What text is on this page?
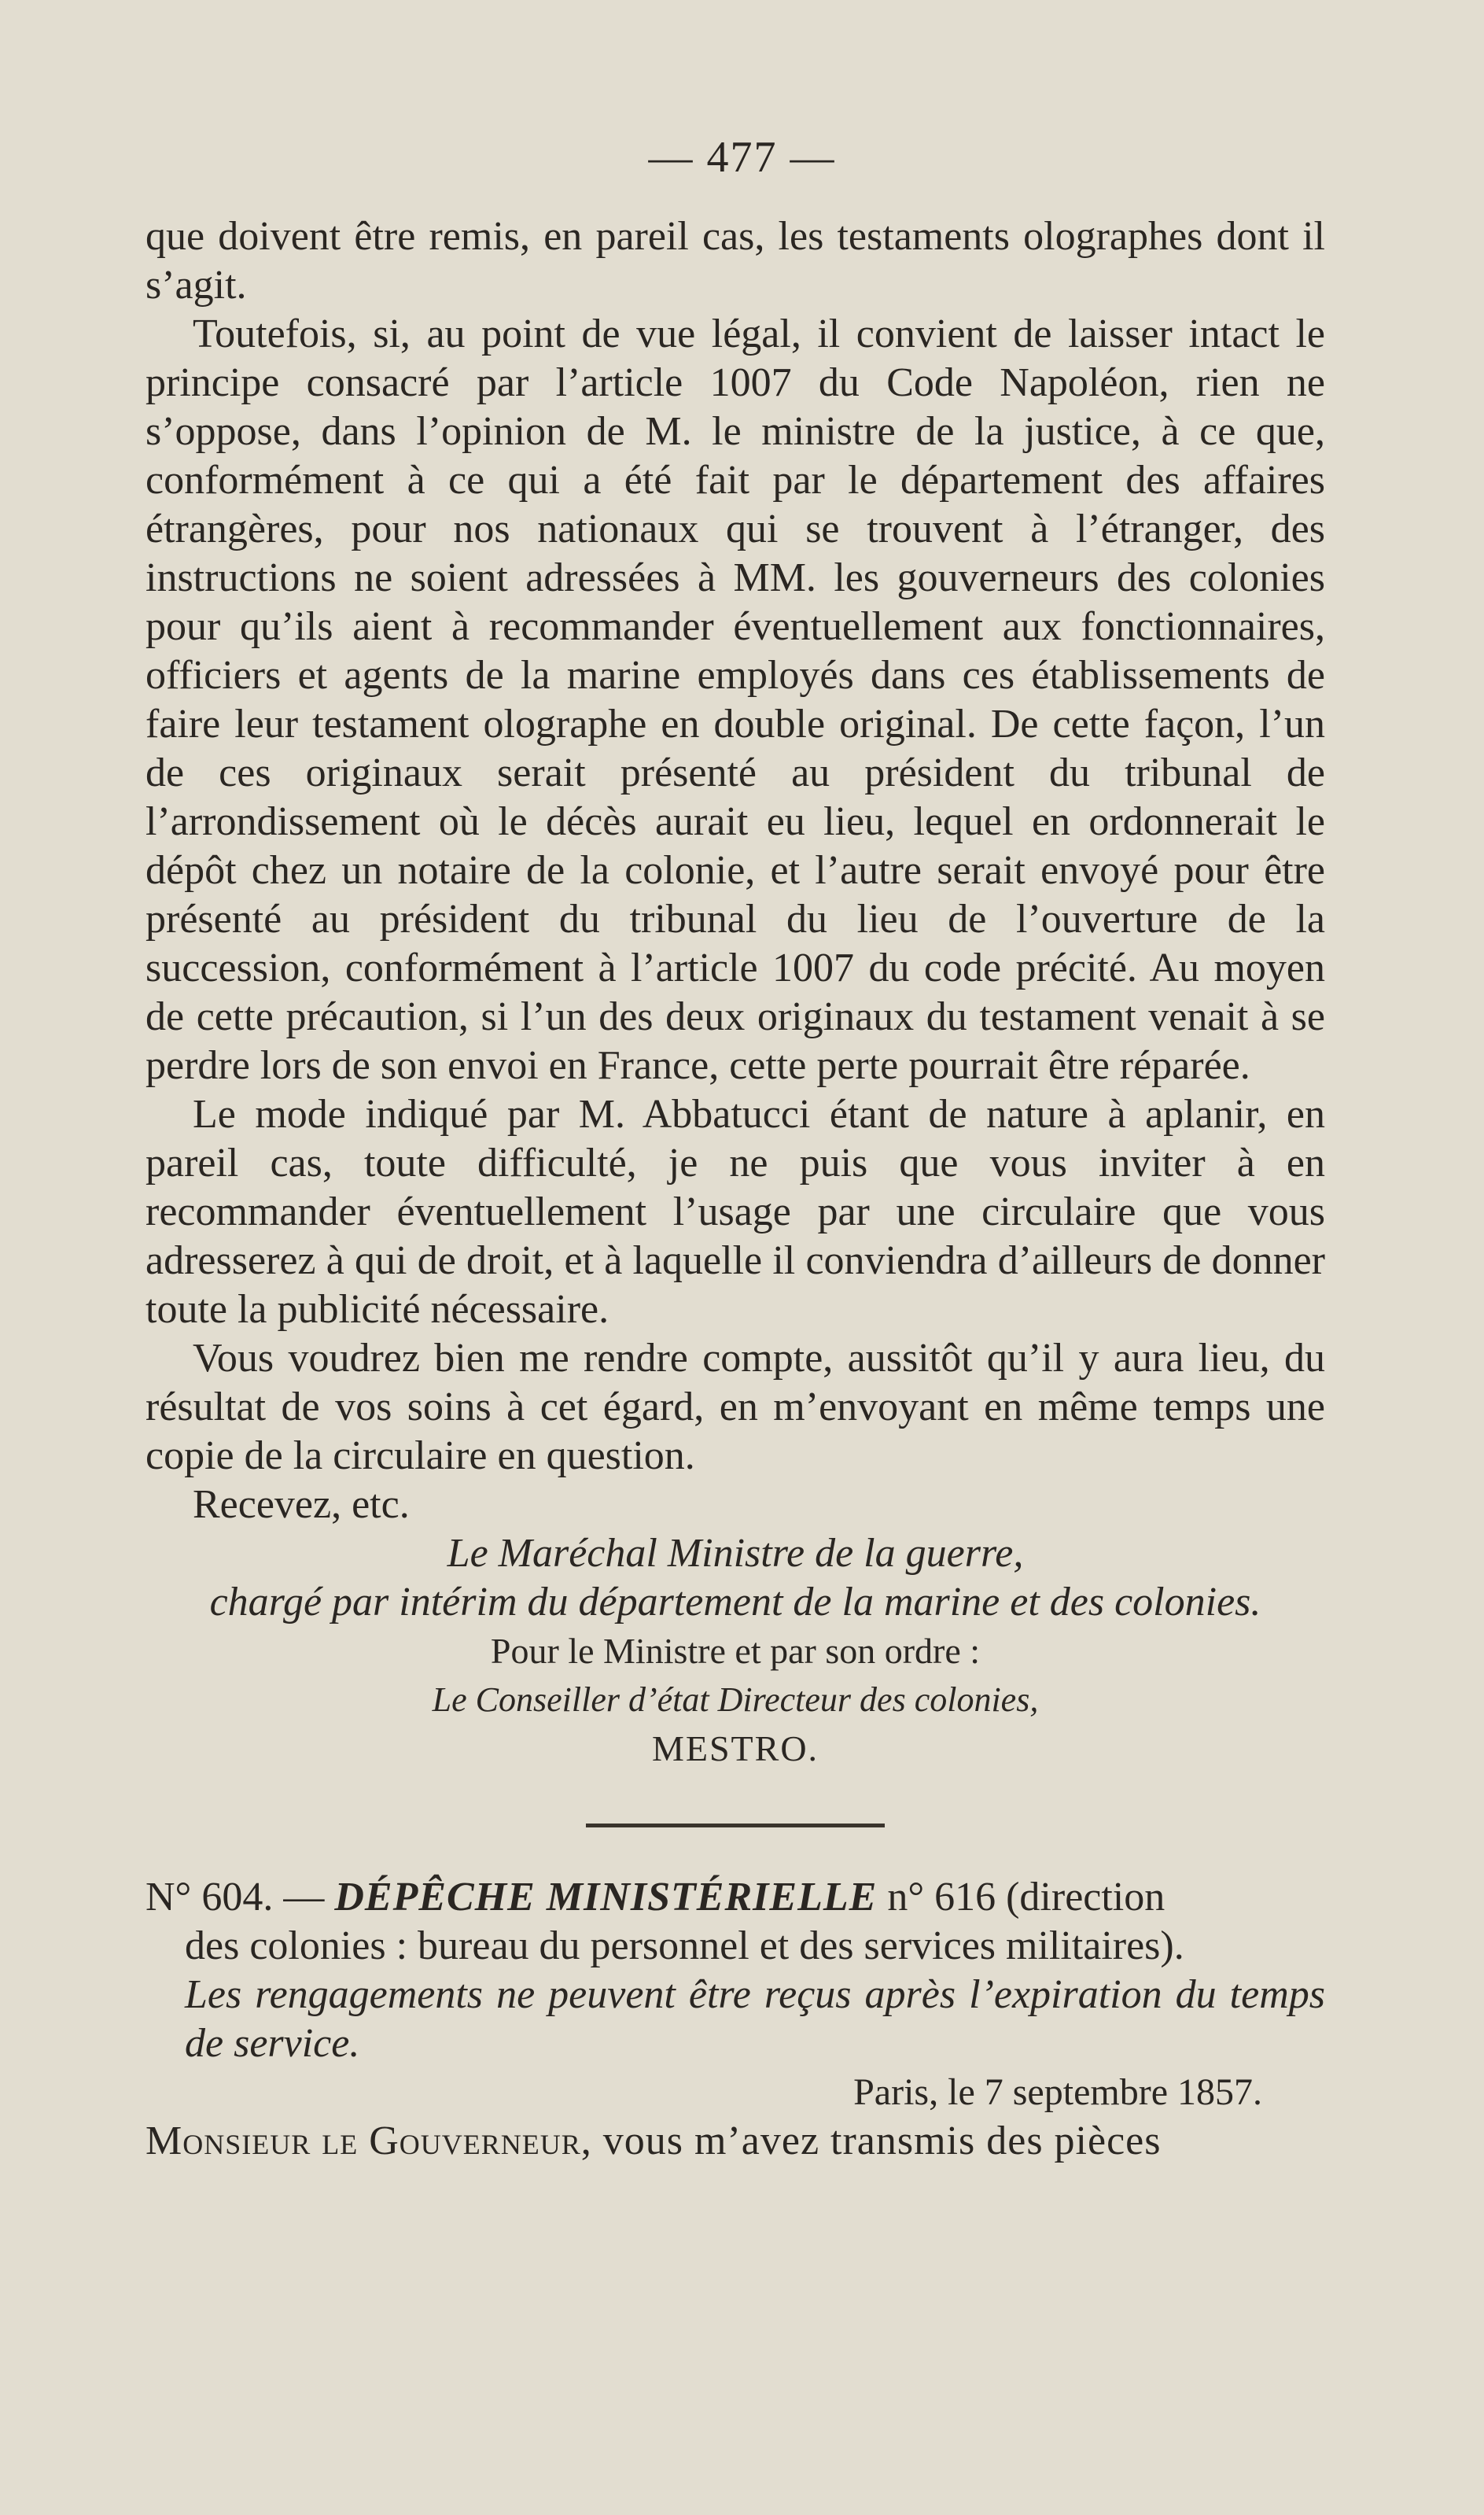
— 477 —

que doivent être remis, en pareil cas, les testaments olographes dont il s’agit.

Toutefois, si, au point de vue légal, il convient de laisser intact le principe consacré par l’article 1007 du Code Napoléon, rien ne s’oppose, dans l’opinion de M. le ministre de la justice, à ce que, conformément à ce qui a été fait par le département des affaires étrangères, pour nos nationaux qui se trouvent à l’étranger, des instructions ne soient adressées à MM. les gouverneurs des colonies pour qu’ils aient à recommander éventuellement aux fonctionnaires, officiers et agents de la marine employés dans ces établissements de faire leur testament olographe en double original. De cette façon, l’un de ces originaux serait présenté au président du tribunal de l’arrondissement où le décès aurait eu lieu, lequel en ordonnerait le dépôt chez un notaire de la colonie, et l’autre serait envoyé pour être présenté au président du tribunal du lieu de l’ouverture de la succession, conformément à l’article 1007 du code précité. Au moyen de cette précaution, si l’un des deux originaux du testament venait à se perdre lors de son envoi en France, cette perte pourrait être réparée.

Le mode indiqué par M. Abbatucci étant de nature à aplanir, en pareil cas, toute difficulté, je ne puis que vous inviter à en recommander éventuellement l’usage par une circulaire que vous adresserez à qui de droit, et à laquelle il conviendra d’ailleurs de donner toute la publicité nécessaire.

Vous voudrez bien me rendre compte, aussitôt qu’il y aura lieu, du résultat de vos soins à cet égard, en m’envoyant en même temps une copie de la circulaire en question.

Recevez, etc.

Le Maréchal Ministre de la guerre,

chargé par intérim du département de la marine et des colonies.

Pour le Ministre et par son ordre :

Le Conseiller d’état Directeur des colonies,

MESTRO.

N° 604. — DÉPÊCHE MINISTÉRIELLE n° 616 (direction

des colonies : bureau du personnel et des services militaires).

Les rengagements ne peuvent être reçus après l’expiration du temps de service.

Paris, le 7 septembre 1857.

Monsieur le Gouverneur, vous m’avez transmis des pièces
